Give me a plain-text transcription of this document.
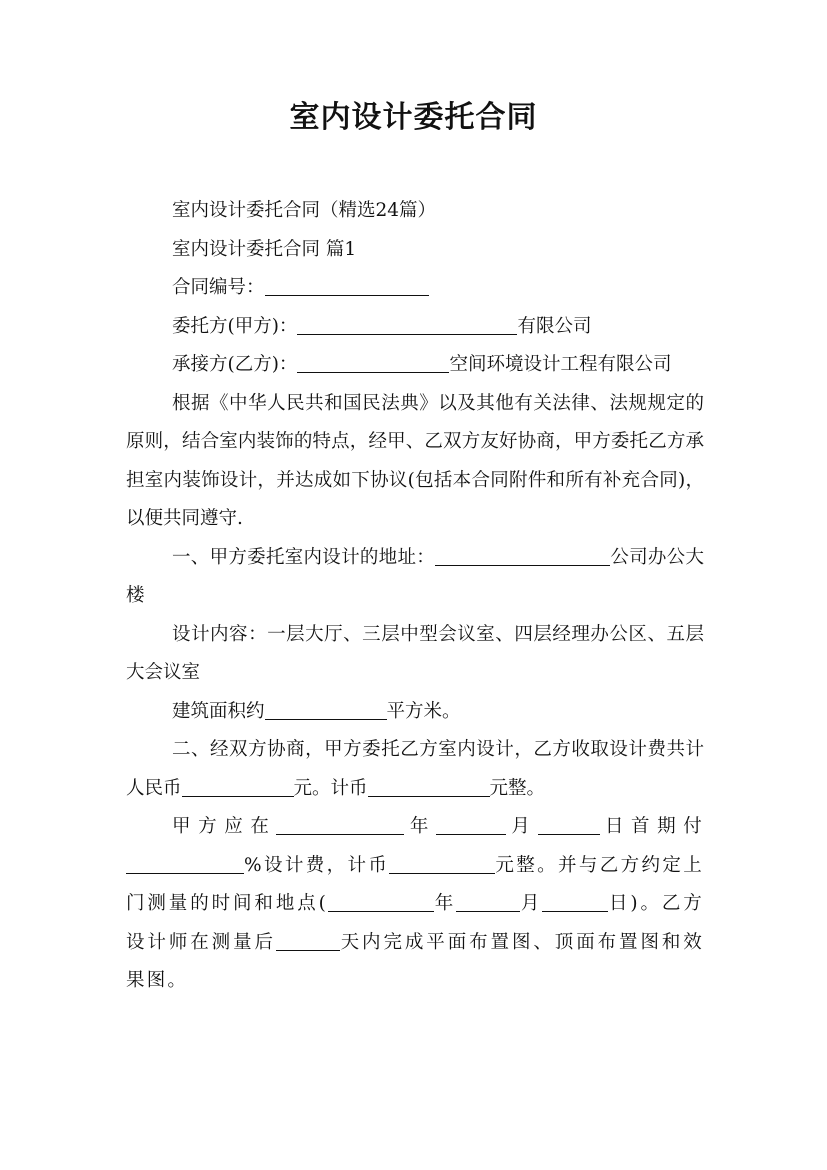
室内设计委托合同

室内设计委托合同（精选24篇）

室内设计委托合同 篇1

合同编号：

委托方(甲方)：	有限公司

承接方(乙方)：	空间环境设计工程有限公司

根据《中华人民共和国民法典》以及其他有关法律、法规规定的原则，结合室内装饰的特点，经甲、乙双方友好协商，甲方委托乙方承担室内装饰设计，并达成如下协议(包括本合同附件和所有补充合同)，以便共同遵守.

一、甲方委托室内设计的地址：	公司办公大楼

设计内容：一层大厅、三层中型会议室、四层经理办公区、五层大会议室

建筑面积约	平方米。

二、经双方协商，甲方委托乙方室内设计，乙方收取设计费共计人民币	元。计币	元整。

甲方应在	年	月	日首期付%设计费，计币	元整。并与乙方约定上门测量的时间和地点(	年	月	日)。乙方设计师在测量后	天内完成平面布置图、顶面布置图和效果图。
